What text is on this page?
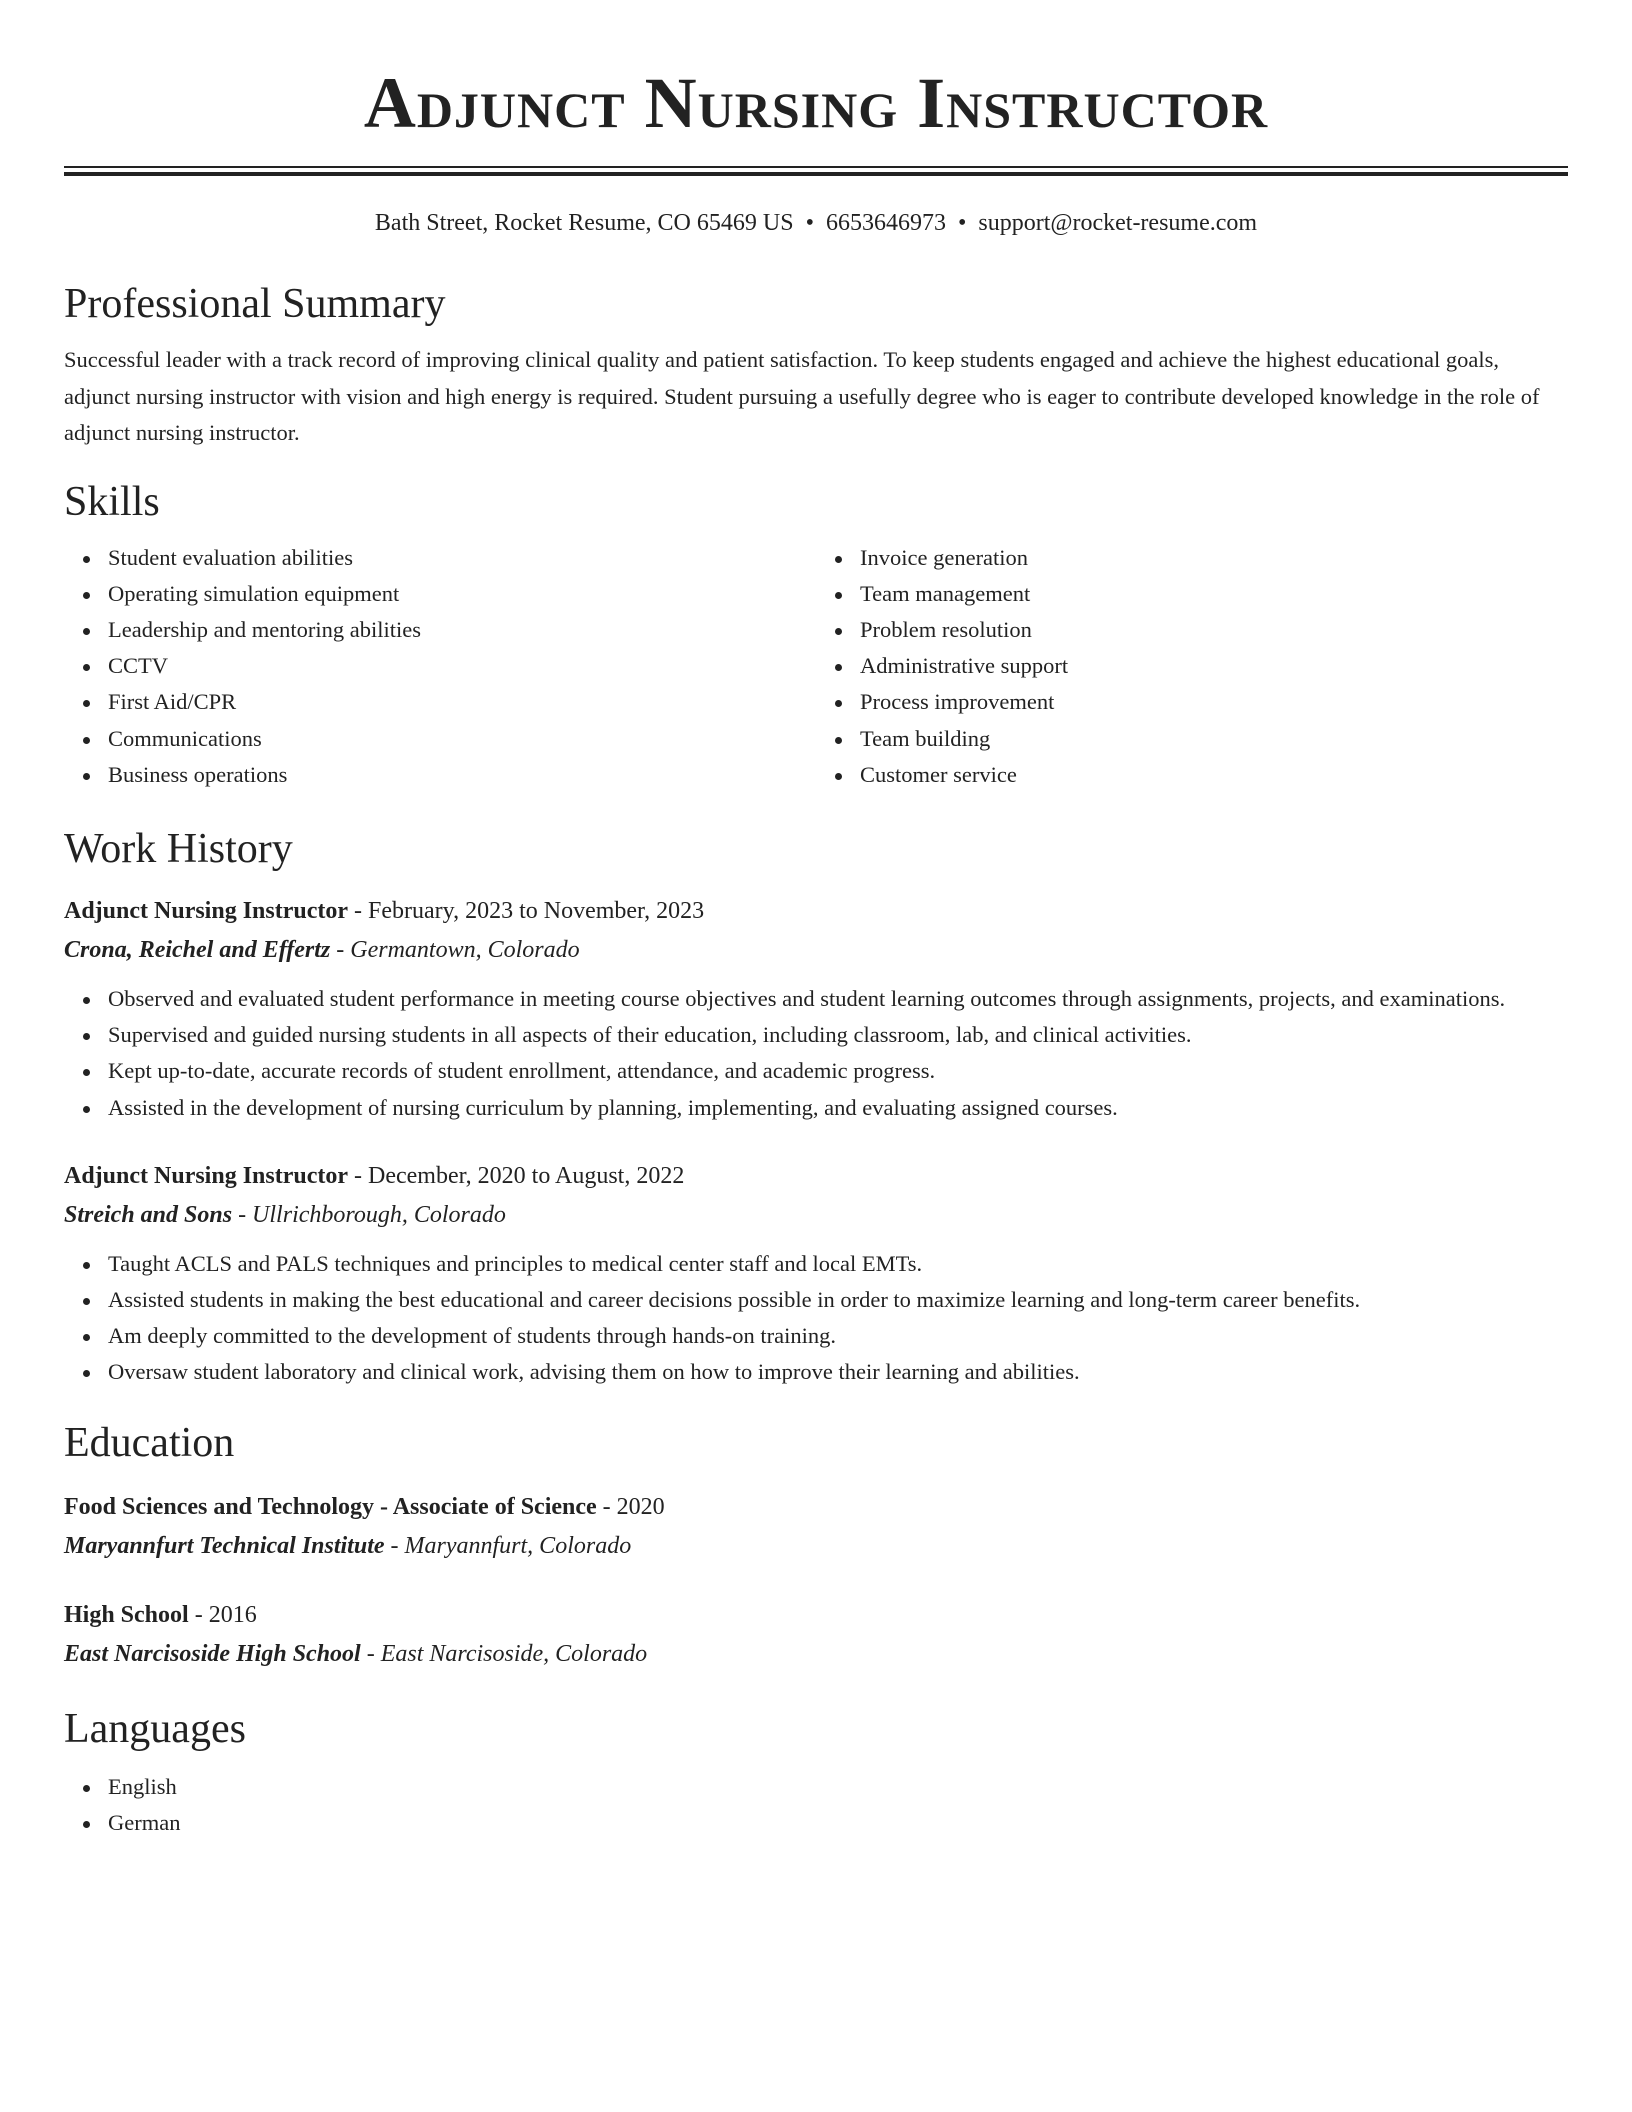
Adjunct Nursing Instructor
Bath Street, Rocket Resume, CO 65469 US • 6653646973 • support@rocket-resume.com
Professional Summary
Successful leader with a track record of improving clinical quality and patient satisfaction. To keep students engaged and achieve the highest educational goals, adjunct nursing instructor with vision and high energy is required. Student pursuing a usefully degree who is eager to contribute developed knowledge in the role of adjunct nursing instructor.
Skills
Student evaluation abilities
Operating simulation equipment
Leadership and mentoring abilities
CCTV
First Aid/CPR
Communications
Business operations
Invoice generation
Team management
Problem resolution
Administrative support
Process improvement
Team building
Customer service
Work History
Adjunct Nursing Instructor - February, 2023 to November, 2023
Crona, Reichel and Effertz - Germantown, Colorado
Observed and evaluated student performance in meeting course objectives and student learning outcomes through assignments, projects, and examinations.
Supervised and guided nursing students in all aspects of their education, including classroom, lab, and clinical activities.
Kept up-to-date, accurate records of student enrollment, attendance, and academic progress.
Assisted in the development of nursing curriculum by planning, implementing, and evaluating assigned courses.
Adjunct Nursing Instructor - December, 2020 to August, 2022
Streich and Sons - Ullrichborough, Colorado
Taught ACLS and PALS techniques and principles to medical center staff and local EMTs.
Assisted students in making the best educational and career decisions possible in order to maximize learning and long-term career benefits.
Am deeply committed to the development of students through hands-on training.
Oversaw student laboratory and clinical work, advising them on how to improve their learning and abilities.
Education
Food Sciences and Technology - Associate of Science - 2020
Maryannfurt Technical Institute - Maryannfurt, Colorado
High School - 2016
East Narcisoside High School - East Narcisoside, Colorado
Languages
English
German
